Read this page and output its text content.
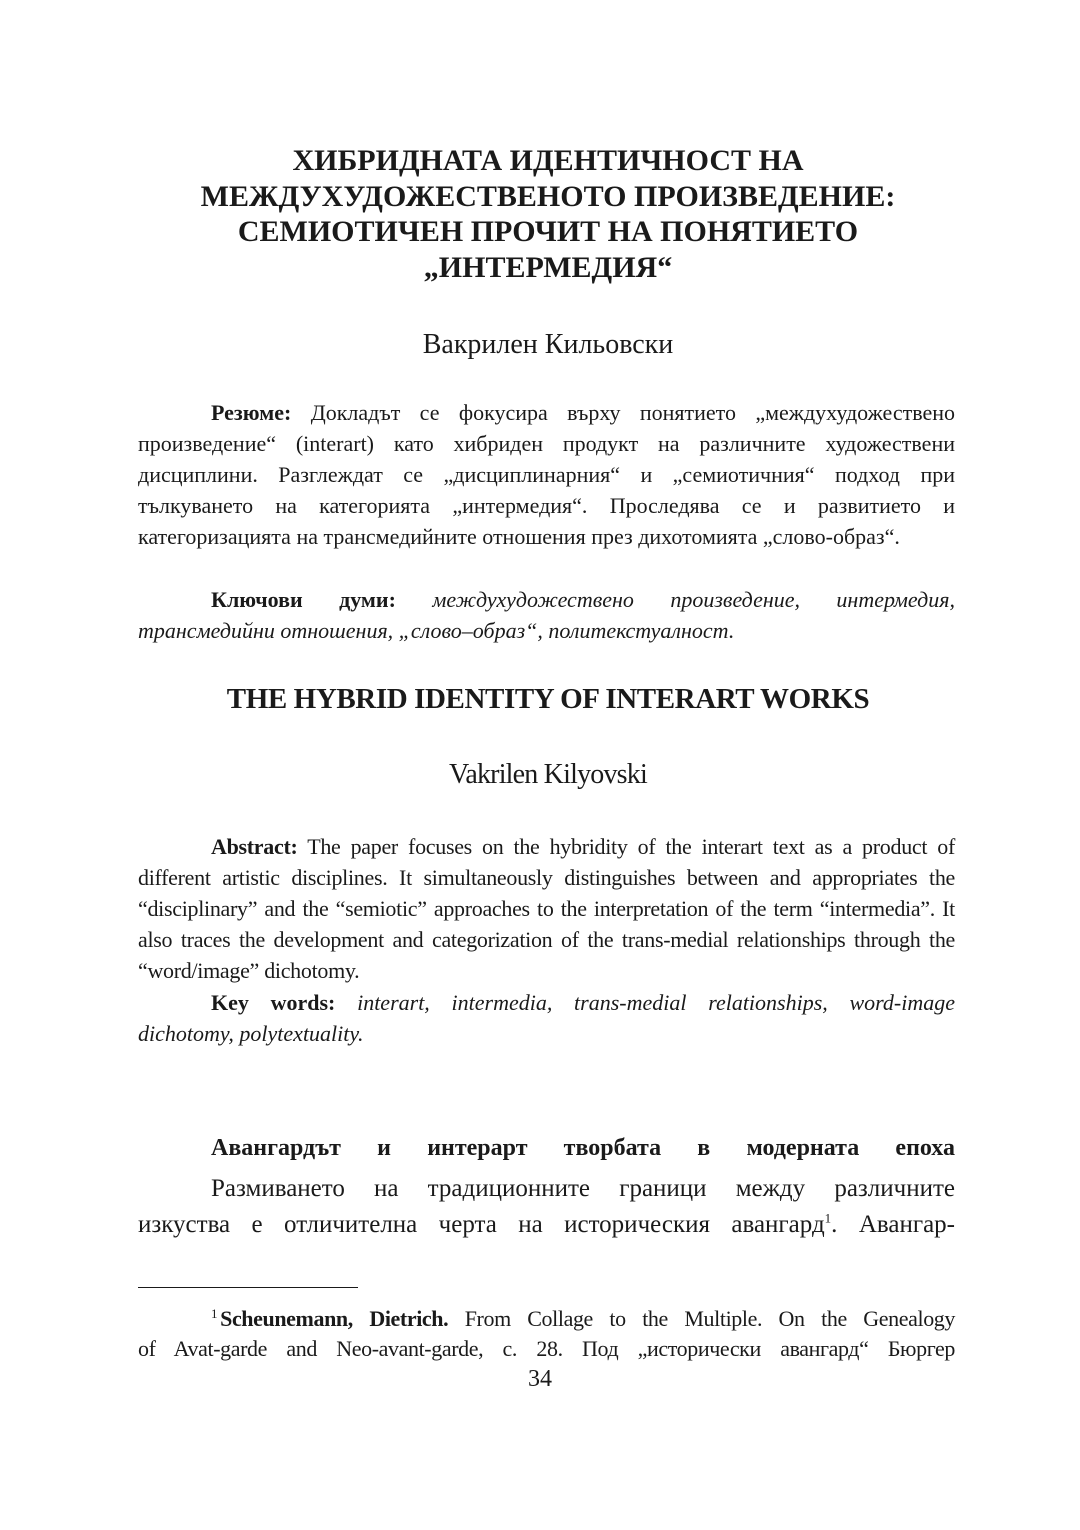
ХИБРИДНАТА ИДЕНТИЧНОСТ НА
МЕЖДУХУДОЖЕСТВЕНОТО ПРОИЗВЕДЕНИЕ:
СЕМИОТИЧЕН ПРОЧИТ НА ПОНЯТИЕТО
„ИНТЕРМЕДИЯ“
Вакрилен Кильовски

Резюме: Докладът се фокусира върху понятието „междухудожествено произведение“ (interart) като хибриден продукт на различните художествени дисциплини. Разглеждат се „дисциплинарния“ и „семиотичния“ подход при тълкуването на категорията „интермедия“. Проследява се и развитието и категоризацията на трансмедийните отношения през дихотомията „слово-образ“.

Ключови думи: междухудожествено произведение, интермедия, трансмедийни отношения, „слово–образ“, политекстуалност.

THE HYBRID IDENTITY OF INTERART WORKS
Vakrilen Kilyovski

Abstract: The paper focuses on the hybridity of the interart text as a product of different artistic disciplines. It simultaneously distinguishes between and appropriates the “disciplinary” and the “semiotic” approaches to the interpretation of the term “intermedia”. It also traces the development and categorization of the trans-medial relationships through the “word/image” dichotomy.

Key words: interart, intermedia, trans-medial relationships, word-image dichotomy, polytextuality.

Авангардът и интерарт творбата в модерната епоха
Размиването на традиционните граници между различните
изкуства е отличителна черта на историческия авангард$^1$. Авангар-
$^1$ Scheunemann, Dietrich. From Collage to the Multiple. On the Genealogy
of Avat-garde and Neo-avant-garde, с. 28. Под „исторически авангард“ Бюргер
34
